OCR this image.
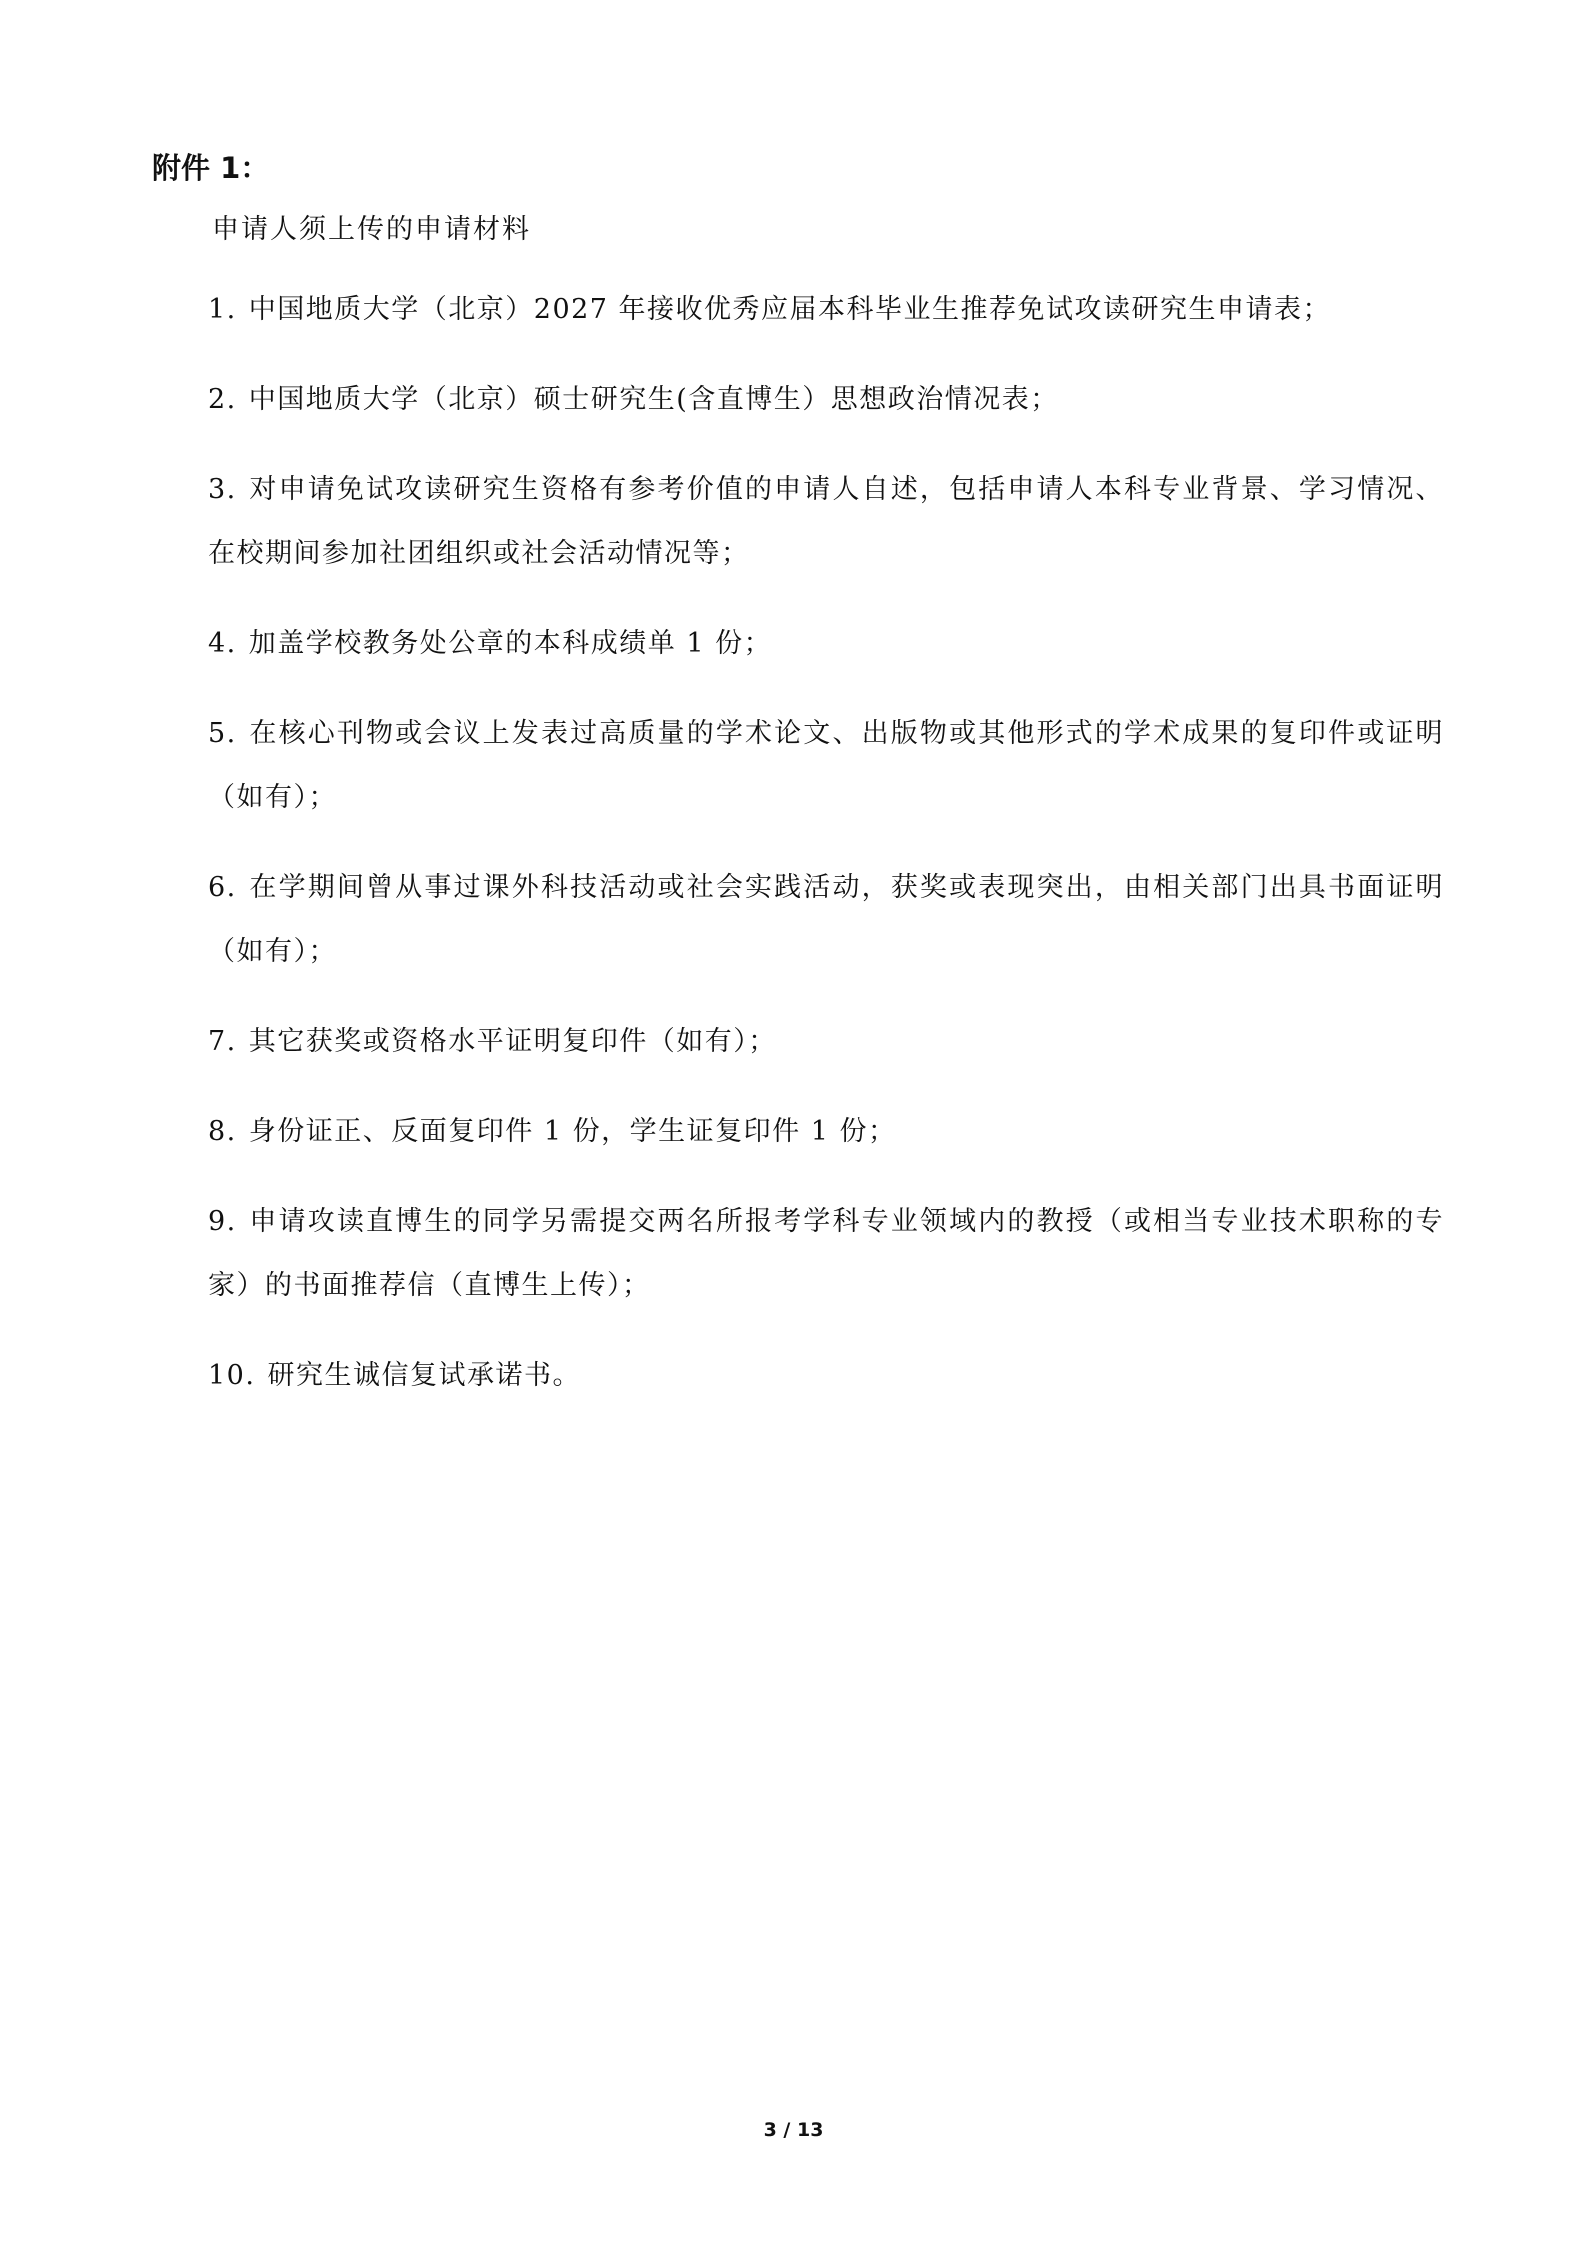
附件 1：
申请人须上传的申请材料
1. 中国地质大学（北京）2027 年接收优秀应届本科毕业生推荐免试攻读研究生申请表；
2. 中国地质大学（北京）硕士研究生(含直博生）思想政治情况表；
3. 对申请免试攻读研究生资格有参考价值的申请人自述，包括申请人本科专业背景、学习情况、在校期间参加社团组织或社会活动情况等；
4. 加盖学校教务处公章的本科成绩单 1 份；
5. 在核心刊物或会议上发表过高质量的学术论文、出版物或其他形式的学术成果的复印件或证明（如有）；
6. 在学期间曾从事过课外科技活动或社会实践活动，获奖或表现突出，由相关部门出具书面证明（如有）；
7. 其它获奖或资格水平证明复印件（如有）；
8. 身份证正、反面复印件 1 份，学生证复印件 1 份；
9. 申请攻读直博生的同学另需提交两名所报考学科专业领域内的教授（或相当专业技术职称的专家）的书面推荐信（直博生上传）；
10. 研究生诚信复试承诺书。
3 / 13
